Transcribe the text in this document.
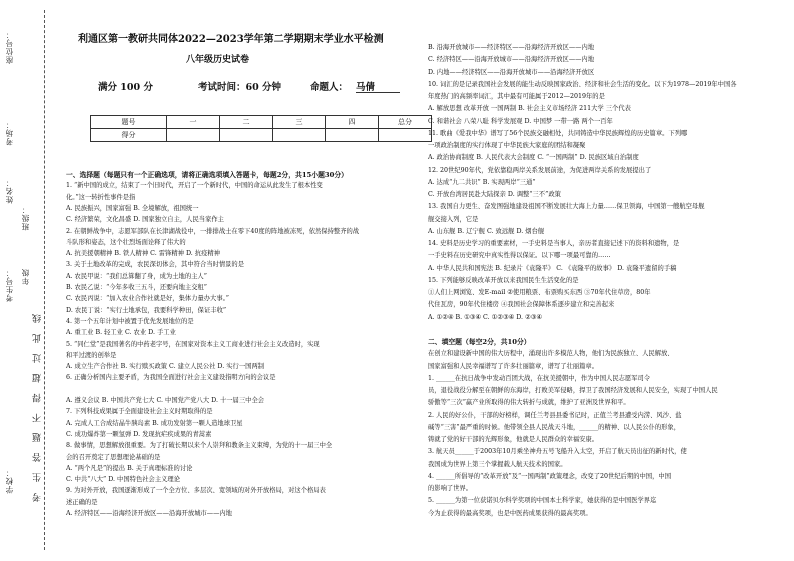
学校：
考生号：
姓名：
考场：
座位号：
班级：
年级
考 生 答 题 不 得 超 过 此 线
利通区第一教研共同体2022—2023学年第二学期期末学业水平检测
八年级历史试卷
满分 100 分	考试时间：60 分钟	命题人： 马倩
题号	一	二	三	四	总分
得分					
一、选择题（每题只有一个正确选项，请将正确选项填入答题卡，每题2分，共15小题30分）
1. “新中国的成立，结束了一个旧时代，开启了一个新时代，中国的命运从此发生了根本性变
化。”这一转折性事件是指
A. 民族振兴，国家富强 B. 全境解放，祖国统一
C. 经济繁荣，文化昌盛 D. 国家独立自主，人民当家作主
2. 在朝鲜战争中，志愿军部队在长津湖战役中，一排排战士在零下40度的阵地被冻死，依然保持整齐的战
斗队形和姿态，这个壮烈场面诠释了伟大的
A. 抗美援朝精神 B. 铁人精神 C. 雷锋精神 D. 抗疫精神
3. 关于土地改革的完成，农民深切体会，其中符合当时情景的是
A. 农民甲说：“我们总算翻了身，成为土地的主人”
B. 农民乙说：“今年多收三五斗，还要向地主交租”
C. 农民丙说：“加入农业合作社就是好，集体力量办大事。”
D. 农民丁说：“实行土地承包，我要科学种田，保证丰收”
4. 第一个五年计划中被置于优先发展地位的是
A. 重工业 B. 轻工业 C. 农业 D. 手工业
5. “同仁堂”是我国著名的中药老字号，在国家对资本主义工商业进行社会主义改造时，实现
和平过渡的创举是
A. 成立生产合作社 B. 实行赎买政策 C. 建立人民公社 D. 实行一国两制
6. 正确分析国内主要矛盾，为我国全面进行社会主义建设指明方向的会议是
A. 遵义会议 B. 中国共产党七大 C. 中国党产党八大 D. 十一届三中全会
7. 下列科技成果属于全面建设社会主义时期取得的是
A. 完成人工合成结晶牛胰岛素 B. 成功发射第一颗人造地球卫星
C. 成功爆炸第一颗氢弹 D. 发现抗疟疾成果的青蒿素
8. 做事情，思想解放很重要。为了打破长期以来个人崇拜和教条主义束缚，为党的十一届三中全
会的召开奠定了思想理论基础的是
A. “两个凡是”的提出 B. 关于真理标准的讨论
C. 中共“八大” D. 中国特色社会主义理论
9. 为对外开放，我国逐渐形成了一个全方位、多层次、宽领域的对外开放格局，对这个格局表
述正确的是
A. 经济特区——沿海经济开放区——沿海开放城市——内地
B. 沿海开放城市——经济特区——沿海经济开放区——内地
C. 经济特区——沿海开放城市——沿海经济开放区——内地
D. 内地——经济特区——沿海开放城市——沿海经济开放区
10. 词汇的是记录我国社会发展的能生动反映国家政治、经济和社会生活的变化。以下为1978—2019年中国各
年度热门的高频率词汇，其中最有可能属于2012—2019年的是
A. 解放思想 改革开放 一国两制 B. 社会主义市场经济 211大学 三个代表
C. 和谐社会 八荣八耻 科学发展观 D. 中国梦 一带一路 两个一百年
11. 歌曲《爱我中华》谱写了56个民族交融相处，共同铸造中华民族辉煌的历史篇章。下列哪
一项政治制度的实行体现了中华民族大家庭的团结和凝聚
A. 政治协商制度 B. 人民代表大会制度 C. “一国两制” D. 民族区域自治制度
12. 20世纪90年代，党依靠稳两岸关系发展前途，为促进两岸关系的发展提出了
A. 达成“九二共识” B. 实现两岸“三通”
C. 开放台湾居民赴大陆探亲 D. 调整“三不”政策
13. 我国自力更生、奋发图强地建设祖国不断发展壮大海上力量……保卫领海，中国第一艘航空母舰
舰交接入列，它是
A. 山东舰 B. 辽宁舰 C. 致远舰 D. 烟台舰
14. 史料是历史学习的重要素材，一手史料是当事人，亲历者直接记述下的资料和遗物，是
一手史料在历史研究中真实性得以保证。以下哪一项最可靠的……
A. 中华人民共和国宪法 B. 纪录片《袁隆平》 C. 《袁隆平的故事》 D. 袁隆平遗留的手稿
15. 下列能够反映改革开放以来我国民生生活变化的是
①人们上网浏览、发E-mail ②使用粮票、布票购买东西 ③70年代住草房，80年
代住瓦房，90年代住楼房 ④我国社会保障体系逐步建立和完善起来
A. ①②④ B. ①③④ C. ①②③④ D. ②③④
二、填空题（每空2分，共10分）
在创立和建设新中国的伟大历程中，涌现出许多模范人物，他们为民族独立、人民解放、
国家富强和人民幸福谱写了许多壮丽篇章，谱写了壮丽篇章。
1. ______在抗日战争中发动百团大战，在抗美援朝中，作为中国人民志愿军司令
员，退役战役分解至在朝鲜的东海岸，打败美军侵略，捍卫了我国经济发展和人民安全，实现了中国人民
骄傲等“三次”赢产业所取得的伟大转折与成就，维护了亚洲及世界和平。
2. 人民的好公仆，干部的好榜样，调任兰考县县委书记时，正值兰考县遭受内涝、风沙、盐
碱等“三害”最严重的时候。他带领全县人民战天斗地，______的精神、以人民公仆的形象，
铸就了党的好干部的光辉形象，他就是人民群众的幸福安康。
3. 航天员______于2003年10月乘坐神舟五号飞船升入太空，开启了航天员出征的新时代，使
我国成为世界上第三个掌握载人航天技术的国家。
4. ______所倡导的“改革开放”及“一国两制”政策理念，改变了20世纪后期的中国，中国
的影响了世界。
5. ______为第一位获诺贝尔科学奖项的中国本土科学家，她获得的是中国医学界迄
今为止获得的最高奖项，也是中医药成果获得的最高奖项。
